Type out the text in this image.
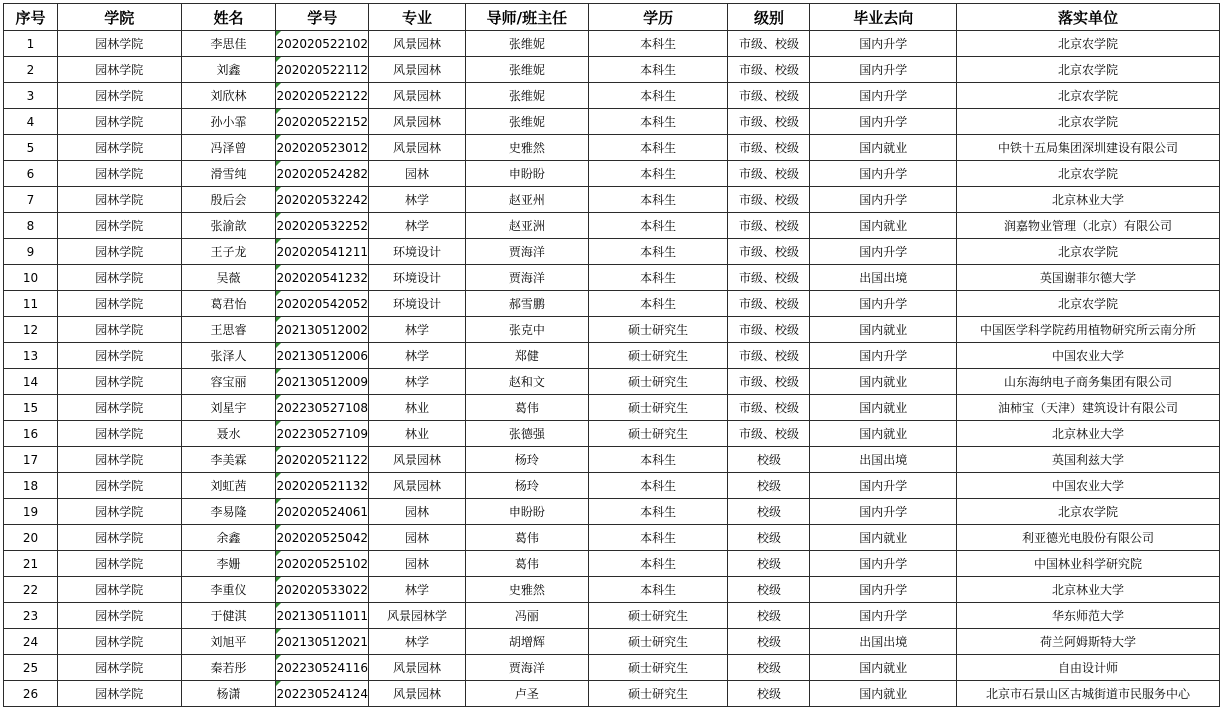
序号	学院	姓名	学号	专业	导师/班主任	学历	级别	毕业去向	落实单位
1	园林学院	李思佳	202020522102	风景园林	张维妮	本科生	市级、校级	国内升学	北京农学院
2	园林学院	刘鑫	202020522112	风景园林	张维妮	本科生	市级、校级	国内升学	北京农学院
3	园林学院	刘欣林	202020522122	风景园林	张维妮	本科生	市级、校级	国内升学	北京农学院
4	园林学院	孙小霏	202020522152	风景园林	张维妮	本科生	市级、校级	国内升学	北京农学院
5	园林学院	冯泽曾	202020523012	风景园林	史雅然	本科生	市级、校级	国内就业	中铁十五局集团深圳建设有限公司
6	园林学院	滑雪纯	202020524282	园林	申盼盼	本科生	市级、校级	国内升学	北京农学院
7	园林学院	殷后会	202020532242	林学	赵亚州	本科生	市级、校级	国内升学	北京林业大学
8	园林学院	张渝歆	202020532252	林学	赵亚洲	本科生	市级、校级	国内就业	润嘉物业管理（北京）有限公司
9	园林学院	王子龙	202020541211	环境设计	贾海洋	本科生	市级、校级	国内升学	北京农学院
10	园林学院	吴薇	202020541232	环境设计	贾海洋	本科生	市级、校级	出国出境	英国谢菲尔德大学
11	园林学院	葛君怡	202020542052	环境设计	郝雪鹏	本科生	市级、校级	国内升学	北京农学院
12	园林学院	王思睿	202130512002	林学	张克中	硕士研究生	市级、校级	国内就业	中国医学科学院药用植物研究所云南分所
13	园林学院	张泽人	202130512006	林学	郑健	硕士研究生	市级、校级	国内升学	中国农业大学
14	园林学院	容宝丽	202130512009	林学	赵和文	硕士研究生	市级、校级	国内就业	山东海纳电子商务集团有限公司
15	园林学院	刘星宇	202230527108	林业	葛伟	硕士研究生	市级、校级	国内就业	油柿宝（天津）建筑设计有限公司
16	园林学院	聂水	202230527109	林业	张德强	硕士研究生	市级、校级	国内就业	北京林业大学
17	园林学院	李美霖	202020521122	风景园林	杨玲	本科生	校级	出国出境	英国利兹大学
18	园林学院	刘虹茜	202020521132	风景园林	杨玲	本科生	校级	国内升学	中国农业大学
19	园林学院	李易隆	202020524061	园林	申盼盼	本科生	校级	国内升学	北京农学院
20	园林学院	余鑫	202020525042	园林	葛伟	本科生	校级	国内就业	利亚德光电股份有限公司
21	园林学院	李姗	202020525102	园林	葛伟	本科生	校级	国内升学	中国林业科学研究院
22	园林学院	李重仪	202020533022	林学	史雅然	本科生	校级	国内升学	北京林业大学
23	园林学院	于健淇	202130511011	风景园林学	冯丽	硕士研究生	校级	国内升学	华东师范大学
24	园林学院	刘旭平	202130512021	林学	胡增辉	硕士研究生	校级	出国出境	荷兰阿姆斯特大学
25	园林学院	秦若彤	202230524116	风景园林	贾海洋	硕士研究生	校级	国内就业	自由设计师
26	园林学院	杨潇	202230524124	风景园林	卢圣	硕士研究生	校级	国内就业	北京市石景山区古城街道市民服务中心
